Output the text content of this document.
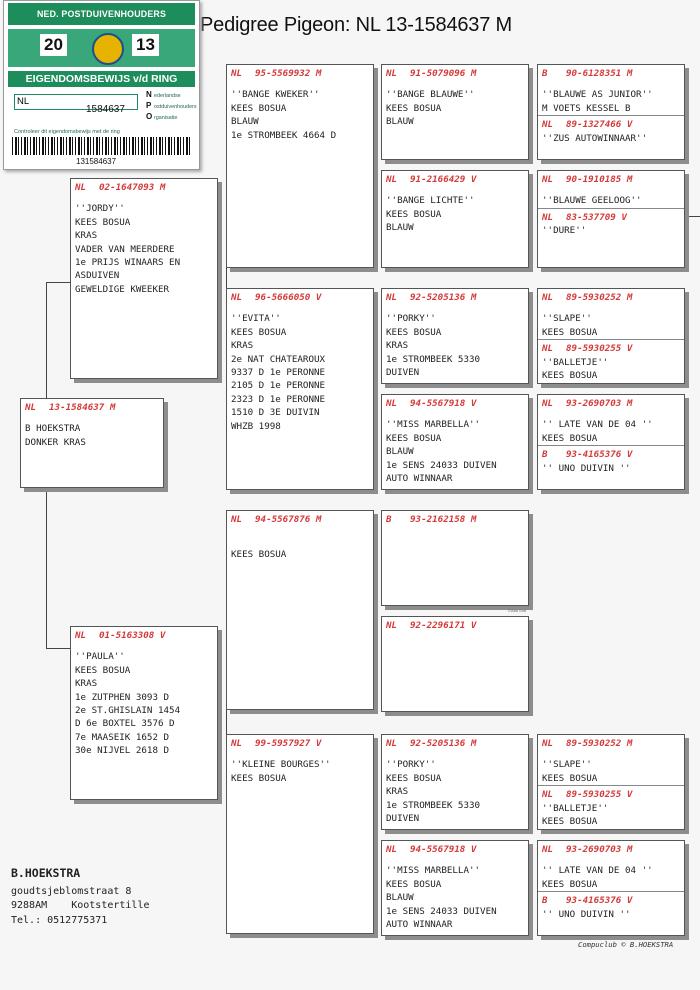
Pedigree Pigeon: NL 13-1584637 M
NED. POSTDUIVENHOUDERS
20	13
EIGENDOMSBEWIJS v/d RING
NL
1584637
N ederlandse
P ostduivenhouders
O rganisatie
Controleer dit eigendomsbewijs met de ring
131584637
NL 13-1584637 M
B HOEKSTRA
DONKER KRAS
NL 02-1647093 M
''JORDY''
KEES BOSUA
KRAS
VADER VAN MEERDERE
1e PRIJS WINAARS EN
ASDUIVEN
GEWELDIGE KWEEKER
NL 01-5163308 V
''PAULA''
KEES BOSUA
KRAS
1e ZUTPHEN 3093 D
2e ST.GHISLAIN 1454
D 6e BOXTEL 3576 D
7e MAASEIK 1652 D
30e NIJVEL 2618 D
NL 95-5569932 M
''BANGE KWEKER''
KEES BOSUA
BLAUW
1e STROMBEEK 4664 D
NL 96-5666050 V
''EVITA''
KEES BOSUA
KRAS
2e NAT CHATEAROUX
9337 D 1e PERONNE
2105 D 1e PERONNE
2323 D 1e PERONNE
1510 D 3E DUIVIN
WHZB 1998
NL 94-5567876 M

KEES BOSUA
NL 99-5957927 V
''KLEINE BOURGES''
KEES BOSUA
NL 91-5079096 M
''BANGE BLAUWE''
KEES BOSUA
BLAUW
NL 91-2166429 V
''BANGE LICHTE''
KEES BOSUA
BLAUW
NL 92-5205136 M
''PORKY''
KEES BOSUA
KRAS
1e STROMBEEK 5330
DUIVEN
NL 94-5567918 V
''MISS MARBELLA''
KEES BOSUA
BLAUW
1e SENS 24033 DUIVEN
AUTO WINNAAR
B 93-2162158 M
NL 92-2296171 V
NL 92-5205136 M
''PORKY''
KEES BOSUA
KRAS
1e STROMBEEK 5330
DUIVEN
NL 94-5567918 V
''MISS MARBELLA''
KEES BOSUA
BLAUW
1e SENS 24033 DUIVEN
AUTO WINNAAR
B 90-6128351 M
''BLAUWE AS JUNIOR''
M VOETS KESSEL B
NL 89-1327466 V
''ZUS AUTOWINNAAR''
NL 90-1910185 M
''BLAUWE GEELOOG''
NL 83-537709 V
''DURE''
NL 89-5930252 M
''SLAPE''
KEES BOSUA
NL 89-5930255 V
''BALLETJE''
KEES BOSUA
NL 93-2690703 M
'' LATE VAN DE 04 ''
KEES BOSUA
B 93-4165376 V
'' UNO DUIVIN ''
NL 89-5930252 M
''SLAPE''
KEES BOSUA
NL 89-5930255 V
''BALLETJE''
KEES BOSUA
NL 93-2690703 M
'' LATE VAN DE 04 ''
KEES BOSUA
B 93-4165376 V
'' UNO DUIVIN ''
©Alfa Soft
B.HOEKSTRA
goudtsjeblomstraat 8
9288AM Kootstertille
Tel.: 0512775371
Compuclub © B.HOEKSTRA
